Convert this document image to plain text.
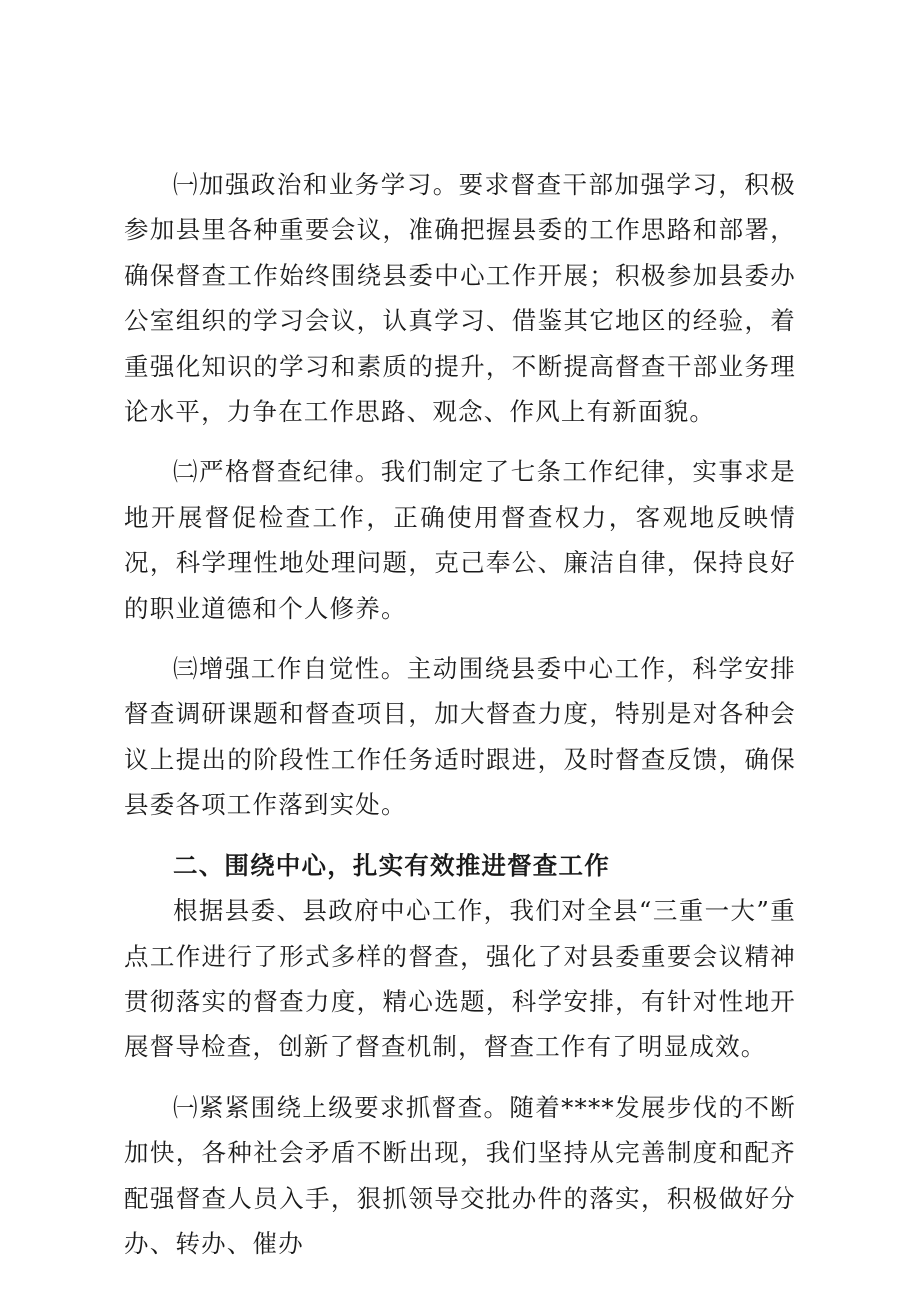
㈠加强政治和业务学习。要求督查干部加强学习，积极参加县里各种重要会议，准确把握县委的工作思路和部署，确保督查工作始终围绕县委中心工作开展；积极参加县委办公室组织的学习会议，认真学习、借鉴其它地区的经验，着重强化知识的学习和素质的提升，不断提高督查干部业务理论水平，力争在工作思路、观念、作风上有新面貌。

㈡严格督查纪律。我们制定了七条工作纪律，实事求是地开展督促检查工作，正确使用督查权力，客观地反映情况，科学理性地处理问题，克己奉公、廉洁自律，保持良好的职业道德和个人修养。

㈢增强工作自觉性。主动围绕县委中心工作，科学安排督查调研课题和督查项目，加大督查力度，特别是对各种会议上提出的阶段性工作任务适时跟进，及时督查反馈，确保县委各项工作落到实处。

二、围绕中心，扎实有效推进督查工作

根据县委、县政府中心工作，我们对全县“三重一大”重点工作进行了形式多样的督查，强化了对县委重要会议精神贯彻落实的督查力度，精心选题，科学安排，有针对性地开展督导检查，创新了督查机制，督查工作有了明显成效。

㈠紧紧围绕上级要求抓督查。随着****发展步伐的不断加快，各种社会矛盾不断出现，我们坚持从完善制度和配齐配强督查人员入手，狠抓领导交批办件的落实，积极做好分办、转办、催办
